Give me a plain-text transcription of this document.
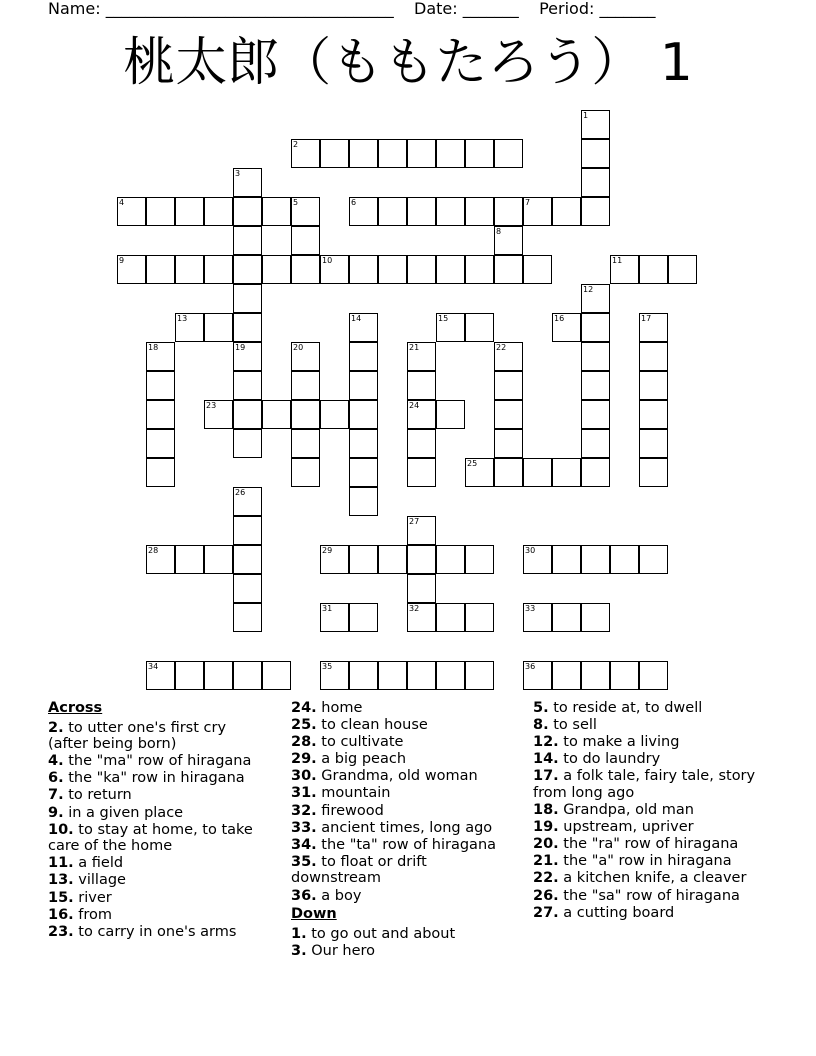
Name: ____________________________________ Date: _______ Period: _______
桃太郎（ももたろう） 1
1
2
3
19
4	5	6	7
8
9	10	11
12
13	14	15	16	17
18	20	21
24
22
23
25
26
27
32
28	29	30
31	33
34	35	36
Across
2. to utter one's first cry (after being born)
4. the "ma" row of hiragana
6. the "ka" row in hiragana
7. to return
9. in a given place
10. to stay at home, to take care of the home
11. a field
13. village
15. river
16. from
23. to carry in one's arms
24. home
25. to clean house
28. to cultivate
29. a big peach
30. Grandma, old woman
31. mountain
32. firewood
33. ancient times, long ago
34. the "ta" row of hiragana
35. to float or drift downstream
36. a boy
Down
1. to go out and about
3. Our hero
5. to reside at, to dwell
8. to sell
12. to make a living
14. to do laundry
17. a folk tale, fairy tale, story from long ago
18. Grandpa, old man
19. upstream, upriver
20. the "ra" row of hiragana
21. the "a" row in hiragana
22. a kitchen knife, a cleaver
26. the "sa" row of hiragana
27. a cutting board
